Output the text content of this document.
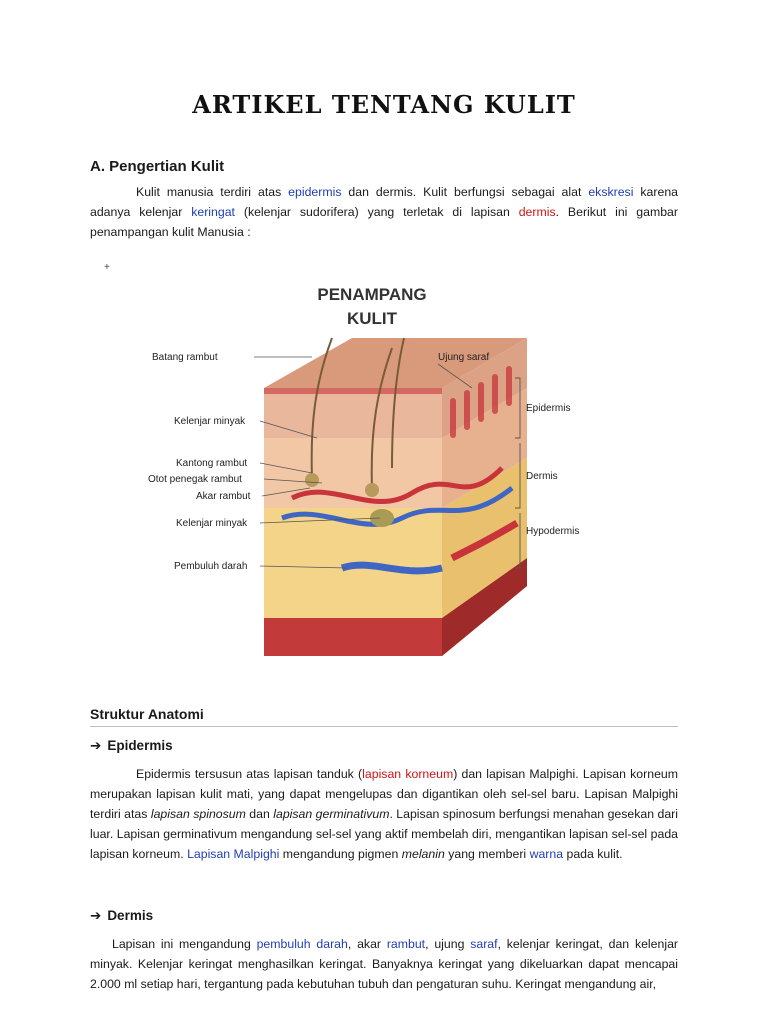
ARTIKEL TENTANG KULIT
A. Pengertian Kulit
Kulit manusia terdiri atas epidermis dan dermis. Kulit berfungsi sebagai alat ekskresi karena adanya kelenjar keringat (kelenjar sudorifera) yang terletak di lapisan dermis. Berikut ini gambar penampangan kulit Manusia :
+
PENAMPANG
KULIT
Batang rambut
Kelenjar minyak
Kantong rambut
Otot penegak rambut
Akar rambut
Kelenjar minyak
Pembuluh darah
Ujung saraf
Epidermis
Dermis
Hypodermis
Struktur Anatomi
➔ Epidermis
Epidermis tersusun atas lapisan tanduk (lapisan korneum) dan lapisan Malpighi. Lapisan korneum merupakan lapisan kulit mati, yang dapat mengelupas dan digantikan oleh sel-sel baru. Lapisan Malpighi terdiri atas lapisan spinosum dan lapisan germinativum. Lapisan spinosum berfungsi menahan gesekan dari luar. Lapisan germinativum mengandung sel-sel yang aktif membelah diri, mengantikan lapisan sel-sel pada lapisan korneum. Lapisan Malpighi mengandung pigmen melanin yang memberi warna pada kulit.
➔ Dermis
Lapisan ini mengandung pembuluh darah, akar rambut, ujung saraf, kelenjar keringat, dan kelenjar minyak. Kelenjar keringat menghasilkan keringat. Banyaknya keringat yang dikeluarkan dapat mencapai 2.000 ml setiap hari, tergantung pada kebutuhan tubuh dan pengaturan suhu. Keringat mengandung air,
